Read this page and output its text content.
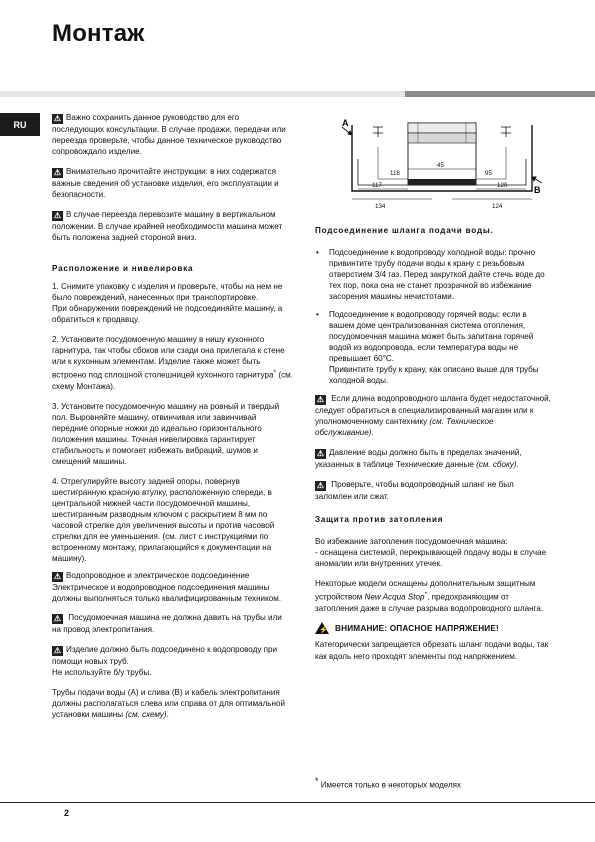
Монтаж
RU	A
B
45
118	95
117	120
134	124
⚠ Важно сохранить данное руководство для его последующих консультации. В случае продажи, передачи или переезда проверьте, чтобы данное техническое руководство сопровождало изделие.
⚠ Внимательно прочитайте инструкции: в них содержатся важные сведения об установке изделия, его эксплуатации и безопасности.
⚠ В случае переезда перевозите машину в вертикальном положении. В случае крайней необходимости машина может быть положена задней стороной вниз.
Расположение и нивелировка
1. Снимите упаковку с изделия и проверьте, чтобы на нем не было повреждений, нанесенных при транспортировке.
При обнаружении повреждений не подсоединяйте машину, а обратиться к продавцу.
2. Установите посудомоечную машину в нишу кухонного гарнитура, так чтобы сбоков или сзади она прилегала к стене или к кухонным элементам. Изделие также может быть встроено под сплошной столешницей кухонного гарнитура* (см. схему Монтажа).
3. Установите посудомоечную машину на ровный и твердый пол. Выровняйте машину, отвинчивая или завинчивай передние опорные ножки до идеально горизонтального положения машины. Точная нивелировка гарантирует стабильность и помогает избежать вибраций, шумов и смещений машины.
4. Отрегулируйте высоту задней опоры, повернув шестигранную красную втулку, расположенную спереди, в центральной нижней части посудомоечной машины, шестигранным разводным ключом с раскрытием 8 мм по часовой стрелке для увеличения высоты и против часовой стрелки для ее уменьшения. (см. лист с инструкциями по встроенному монтажу, прилагающийся к документации на машину).
⚠ Водопроводное и электрическое подсоединение Электрическое и водопроводное подсоединения машины должны выполняться только квалифицированным техником.
⚠ Посудомоечная машина не должна давить на трубы или на провод электропитания.
⚠ Изделие должно быть подсоединено к водопроводу при помощи новых труб.
Не используйте б/у трубы.
Трубы подачи воды (А) и слива (В) и кабель электропитания должны располагаться слева или справа от для оптимальной установки машины (см. схему).
Подсоединение шланга подачи воды.
• Подсоединение к водопроводу холодной воды: прочно привинтите трубу подачи воды к крану с резьбовым отверстием 3/4 газ. Перед закруткой дайте стечь воде до тех пор, пока она не станет прозрачной во избежание засорения машины нечистотами.
• Подсоединение к водопроводу горячей воды: если в вашем доме централизованная система отопления, посудомоечная машина может быть запитана горячей водой из водопровода, если температура воды не превышает 60°С.
Привинтите трубу к крану, как описано выше для трубы холодной воды.
⚠ Если длина водопроводного шланга будет недостаточной, следует обратиться в специализированный магазин или к уполномоченному сантехнику (см. Техническое обслуживание).
⚠ Давление воды должно быть в пределах значений, указанных в таблице Технические данные (см. сбоку).
⚠ Проверьте, чтобы водопроводный шланг не был заломлен или сжат.
Защита против затопления
Во избежание затопления посудомоечная машина:
- оснащена системой, перекрывающей подачу воды в случае аномалии или внутренних утечек.
Некоторые модели оснащены дополнительным защитным устройством New Acqua Stop*, предохраняющим от затопления даже в случае разрыва водопроводного шланга.
⚡ ВНИМАНИЕ: ОПАСНОЕ НАПРЯЖЕНИЕ!
Категорически запрещается обрезать шланг подачи воды, так как вдоль него проходят элементы под напряжением.
* Имеется только в некоторых моделях
2
